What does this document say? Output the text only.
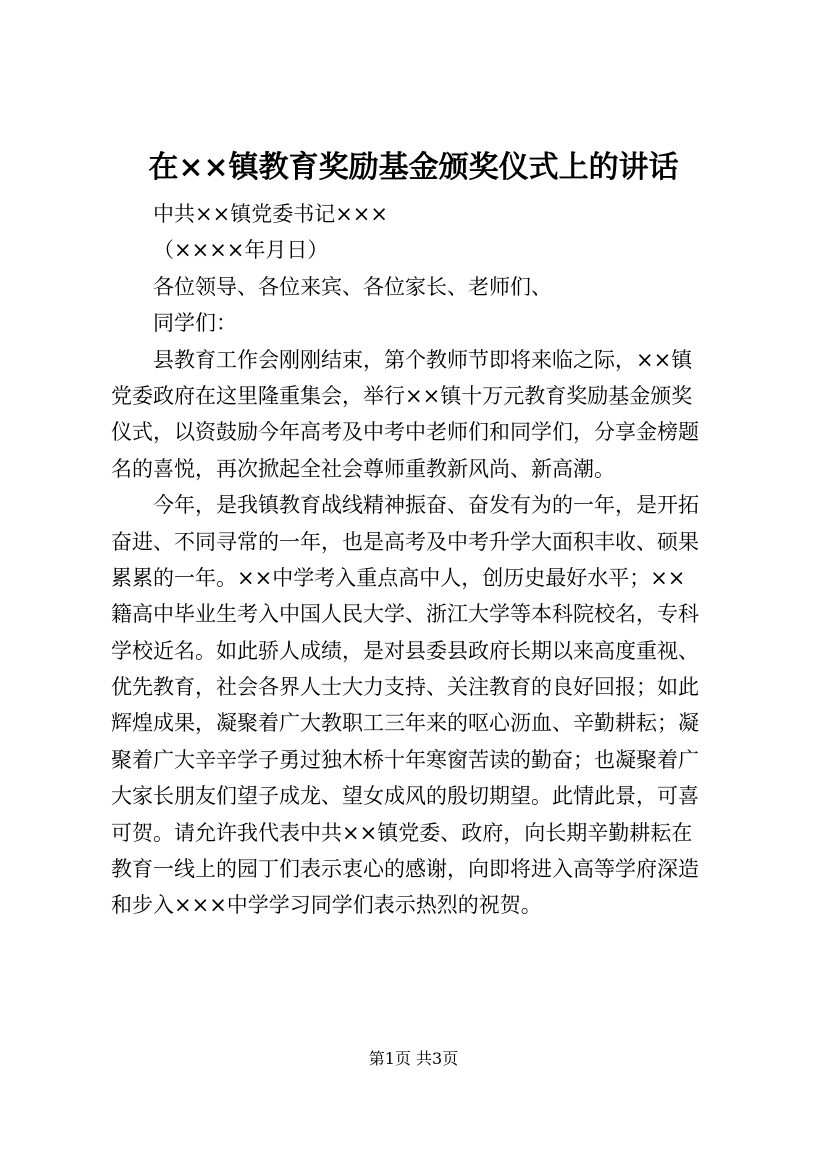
在××镇教育奖励基金颁奖仪式上的讲话
中共××镇党委书记×××
（××××年月日）
各位领导、各位来宾、各位家长、老师们、
同学们：
县教育工作会刚刚结束，第个教师节即将来临之际，××镇
党委政府在这里隆重集会，举行××镇十万元教育奖励基金颁奖
仪式，以资鼓励今年高考及中考中老师们和同学们，分享金榜题
名的喜悦，再次掀起全社会尊师重教新风尚、新高潮。
今年，是我镇教育战线精神振奋、奋发有为的一年，是开拓
奋进、不同寻常的一年，也是高考及中考升学大面积丰收、硕果
累累的一年。××中学考入重点高中人，创历史最好水平；××
籍高中毕业生考入中国人民大学、浙江大学等本科院校名，专科
学校近名。如此骄人成绩，是对县委县政府长期以来高度重视、
优先教育，社会各界人士大力支持、关注教育的良好回报；如此
辉煌成果，凝聚着广大教职工三年来的呕心沥血、辛勤耕耘；凝
聚着广大辛辛学子勇过独木桥十年寒窗苦读的勤奋；也凝聚着广
大家长朋友们望子成龙、望女成风的殷切期望。此情此景，可喜
可贺。请允许我代表中共××镇党委、政府，向长期辛勤耕耘在
教育一线上的园丁们表示衷心的感谢，向即将进入高等学府深造
和步入×××中学学习同学们表示热烈的祝贺。
第1页 共3页
